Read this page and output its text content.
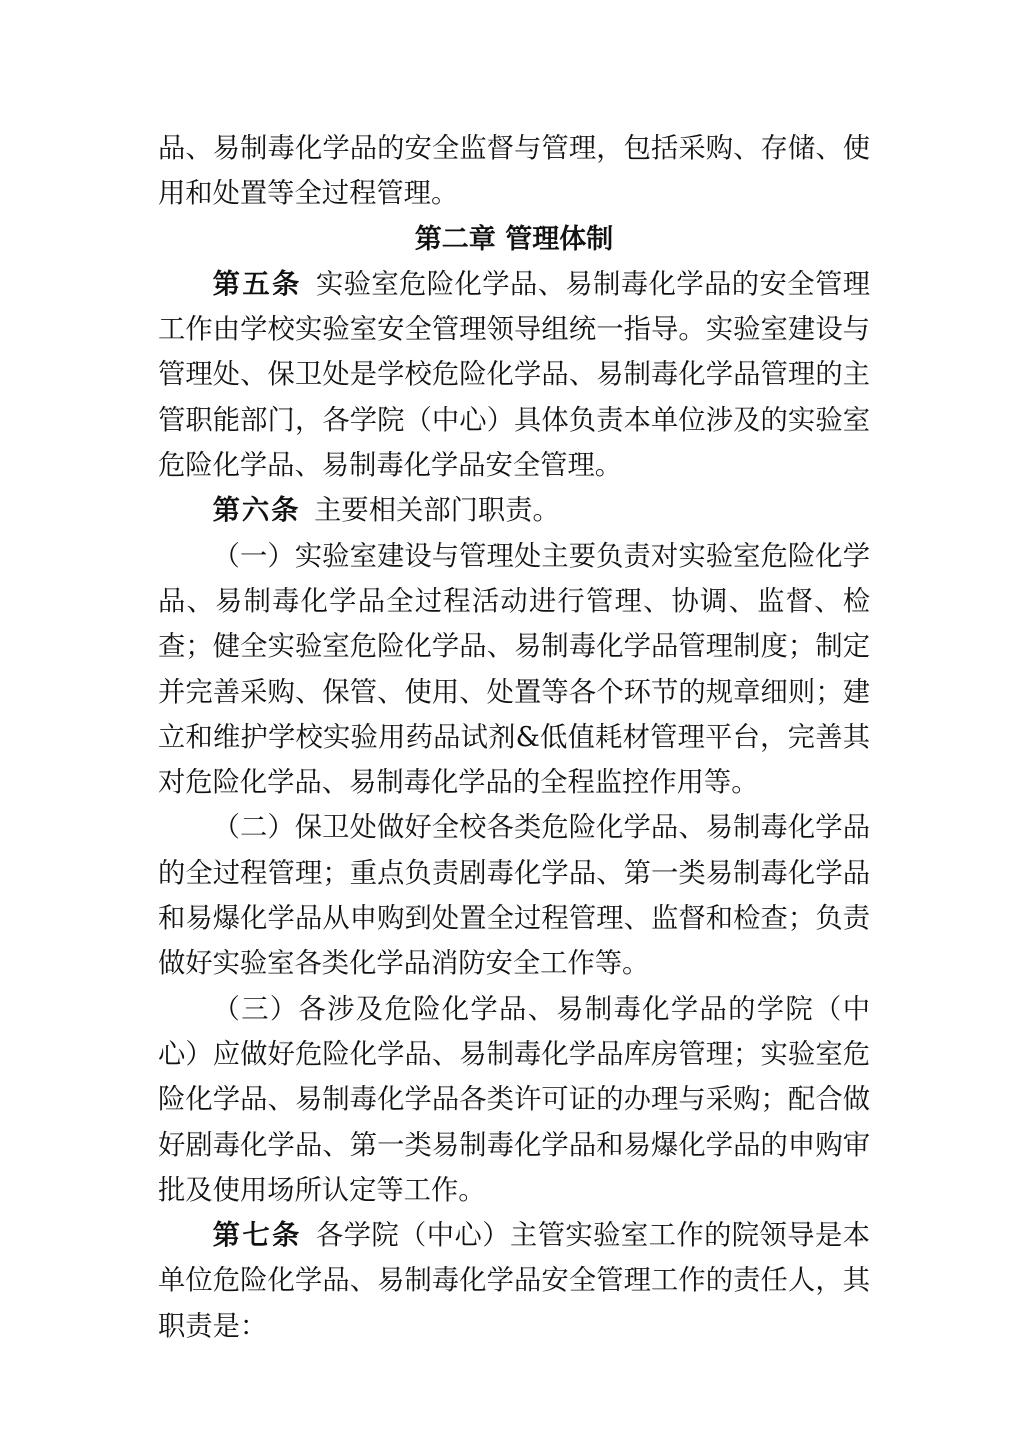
品、易制毒化学品的安全监督与管理，包括采购、存储、使用和处置等全过程管理。

第二章 管理体制

第五条  实验室危险化学品、易制毒化学品的安全管理工作由学校实验室安全管理领导组统一指导。实验室建设与管理处、保卫处是学校危险化学品、易制毒化学品管理的主管职能部门，各学院（中心）具体负责本单位涉及的实验室危险化学品、易制毒化学品安全管理。

第六条  主要相关部门职责。

（一）实验室建设与管理处主要负责对实验室危险化学品、易制毒化学品全过程活动进行管理、协调、监督、检查；健全实验室危险化学品、易制毒化学品管理制度；制定并完善采购、保管、使用、处置等各个环节的规章细则；建立和维护学校实验用药品试剂&低值耗材管理平台，完善其对危险化学品、易制毒化学品的全程监控作用等。

（二）保卫处做好全校各类危险化学品、易制毒化学品的全过程管理；重点负责剧毒化学品、第一类易制毒化学品和易爆化学品从申购到处置全过程管理、监督和检查；负责做好实验室各类化学品消防安全工作等。

（三）各涉及危险化学品、易制毒化学品的学院（中心）应做好危险化学品、易制毒化学品库房管理；实验室危险化学品、易制毒化学品各类许可证的办理与采购；配合做好剧毒化学品、第一类易制毒化学品和易爆化学品的申购审批及使用场所认定等工作。

第七条  各学院（中心）主管实验室工作的院领导是本单位危险化学品、易制毒化学品安全管理工作的责任人，其职责是：
